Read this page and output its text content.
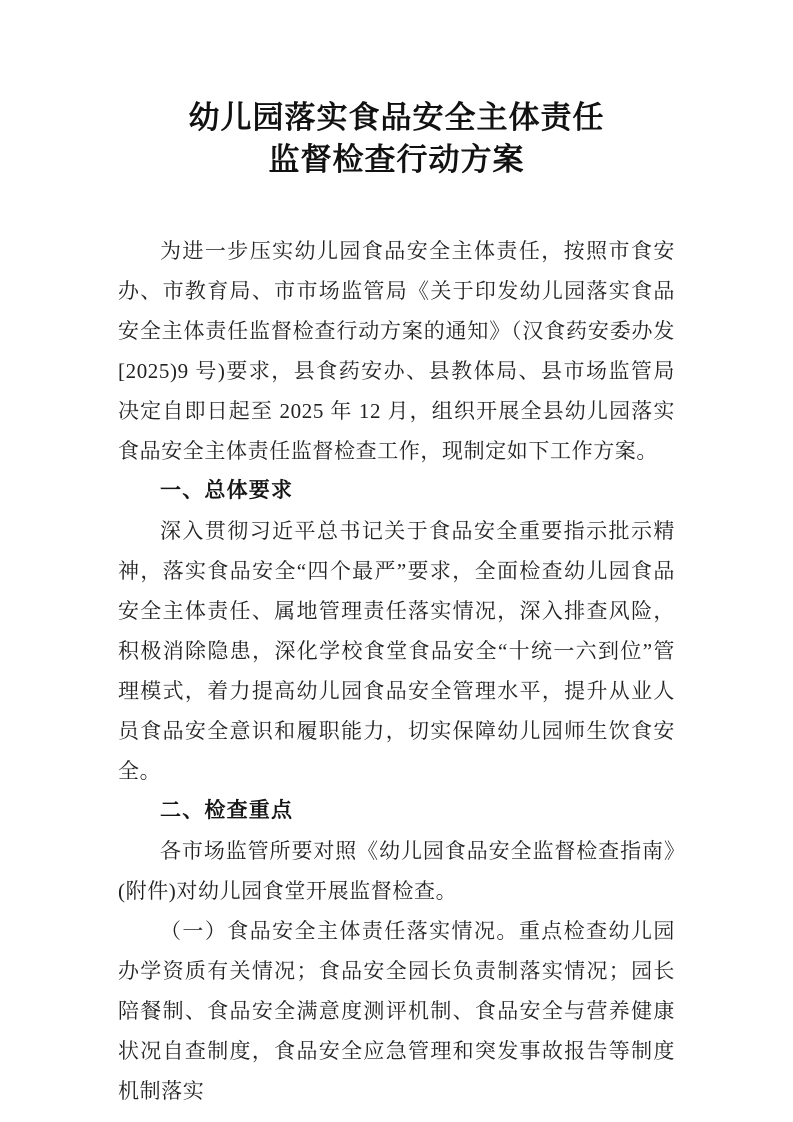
幼儿园落实食品安全主体责任
监督检查行动方案

为进一步压实幼儿园食品安全主体责任，按照市食安办、市教育局、市市场监管局《关于印发幼儿园落实食品安全主体责任监督检查行动方案的通知》（汉食药安委办发[2025)9 号)要求，县食药安办、县教体局、县市场监管局决定自即日起至 2025 年 12 月，组织开展全县幼儿园落实食品安全主体责任监督检查工作，现制定如下工作方案。

一、总体要求

深入贯彻习近平总书记关于食品安全重要指示批示精神，落实食品安全“四个最严”要求，全面检查幼儿园食品安全主体责任、属地管理责任落实情况，深入排查风险，积极消除隐患，深化学校食堂食品安全“十统一六到位”管理模式，着力提高幼儿园食品安全管理水平，提升从业人员食品安全意识和履职能力，切实保障幼儿园师生饮食安全。

二、检查重点

各市场监管所要对照《幼儿园食品安全监督检查指南》(附件)对幼儿园食堂开展监督检查。

（一）食品安全主体责任落实情况。重点检查幼儿园办学资质有关情况；食品安全园长负责制落实情况；园长陪餐制、食品安全满意度测评机制、食品安全与营养健康状况自查制度，食品安全应急管理和突发事故报告等制度机制落实
